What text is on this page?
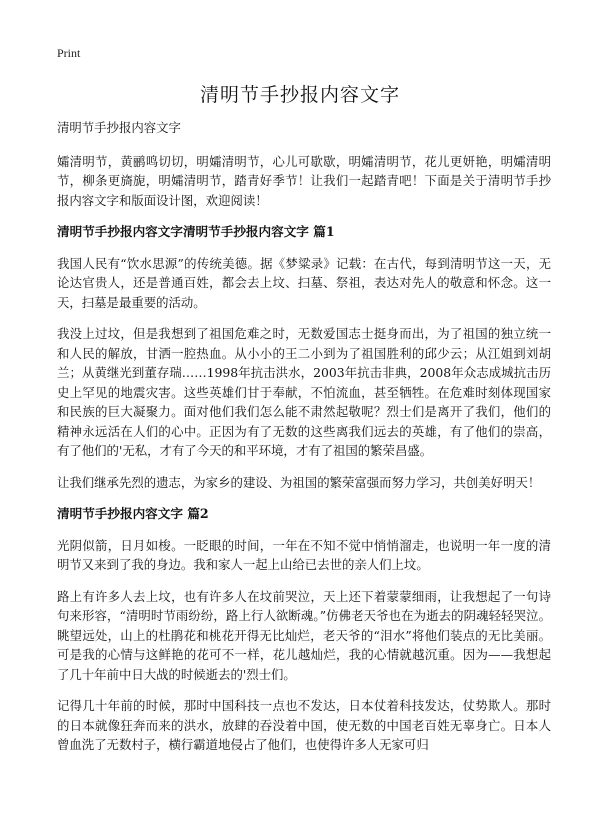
Print
清明节手抄报内容文字

清明节手抄报内容文字

孀清明节，黄鹂鸣切切，明孀清明节，心儿可歇歇，明孀清明节，花儿更妍艳，明孀清明节，柳条更旖旎，明孀清明节，踏青好季节！让我们一起踏青吧！下面是关于清明节手抄报内容文字和版面设计图，欢迎阅读！

清明节手抄报内容文字清明节手抄报内容文字 篇1

我国人民有“饮水思源”的传统美德。据《梦粱录》记载：在古代，每到清明节这一天，无论达官贵人，还是普通百姓，都会去上坟、扫墓、祭祖，表达对先人的敬意和怀念。这一天，扫墓是最重要的活动。

我没上过坟，但是我想到了祖国危难之时，无数爱国志士挺身而出，为了祖国的独立统一和人民的解放，甘洒一腔热血。从小小的王二小到为了祖国胜利的邱少云；从江姐到刘胡兰；从黄继光到董存瑞……1998年抗击洪水，2003年抗击非典，2008年众志成城抗击历史上罕见的地震灾害。这些英雄们甘于奉献，不怕流血，甚至牺牲。在危难时刻体现国家和民族的巨大凝聚力。面对他们我们怎么能不肃然起敬呢？烈士们是离开了我们，他们的精神永远活在人们的心中。正因为有了无数的这些离我们远去的英雄，有了他们的崇高，有了他们的'无私，才有了今天的和平环境，才有了祖国的繁荣昌盛。

让我们继承先烈的遗志，为家乡的建设、为祖国的繁荣富强而努力学习，共创美好明天！

清明节手抄报内容文字 篇2

光阴似箭，日月如梭。一眨眼的时间，一年在不知不觉中悄悄溜走，也说明一年一度的清明节又来到了我的身边。我和家人一起上山给已去世的亲人们上坟。

路上有许多人去上坟，也有许多人在坟前哭泣，天上还下着蒙蒙细雨，让我想起了一句诗句来形容，“清明时节雨纷纷，路上行人欲断魂。”仿佛老天爷也在为逝去的阴魂轻轻哭泣。眺望远处，山上的杜鹃花和桃花开得无比灿烂，老天爷的“泪水”将他们装点的无比美丽。可是我的心情与这鲜艳的花可不一样，花儿越灿烂，我的心情就越沉重。因为——我想起了几十年前中日大战的时候逝去的'烈士们。

记得几十年前的时候，那时中国科技一点也不发达，日本仗着科技发达，仗势欺人。那时的日本就像狂奔而来的洪水，放肆的吞没着中国，使无数的中国老百姓无辜身亡。日本人曾血洗了无数村子，横行霸道地侵占了他们，也使得许多人无家可归
